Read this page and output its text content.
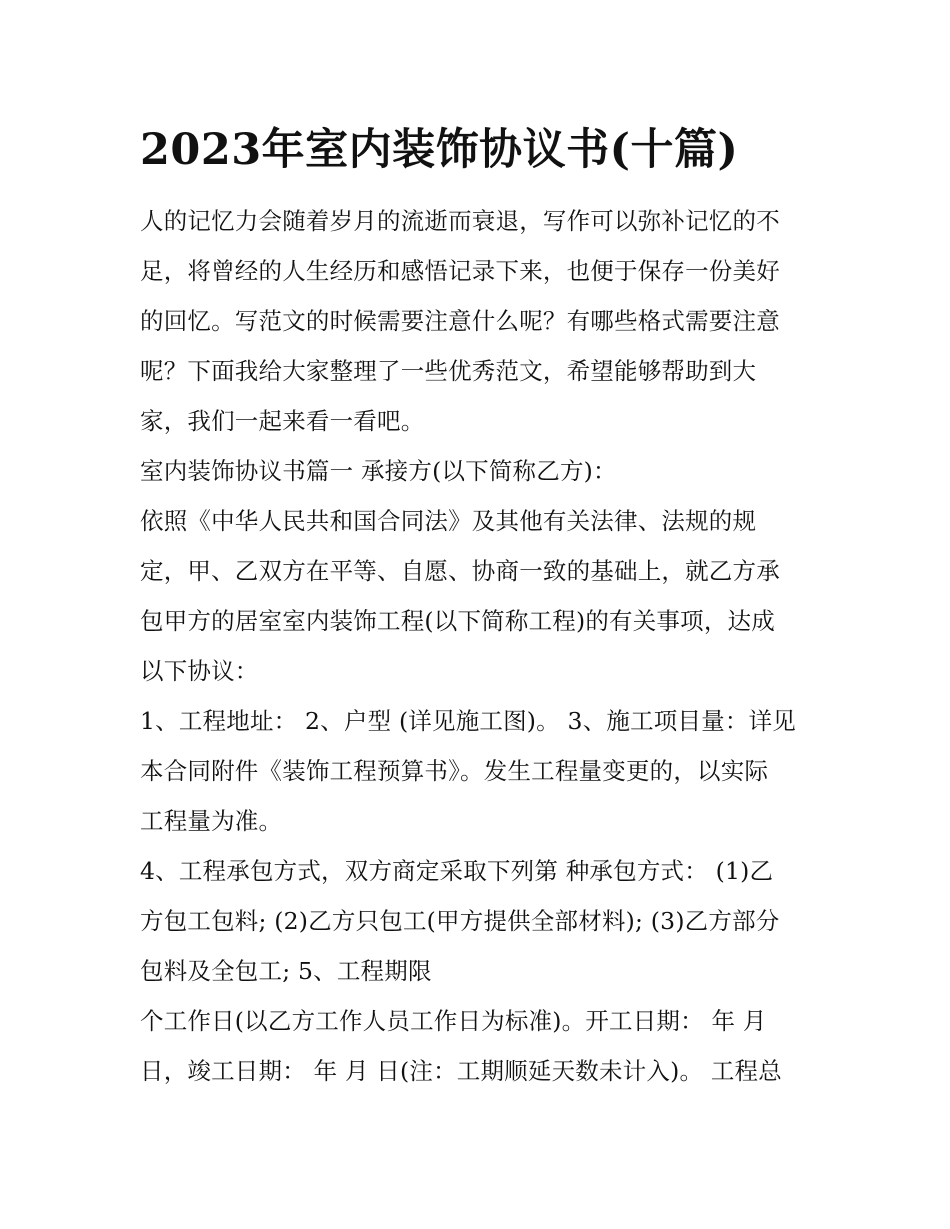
2023年室内装饰协议书(十篇)

人的记忆力会随着岁月的流逝而衰退，写作可以弥补记忆的不
足，将曾经的人生经历和感悟记录下来，也便于保存一份美好
的回忆。写范文的时候需要注意什么呢？有哪些格式需要注意
呢？下面我给大家整理了一些优秀范文，希望能够帮助到大
家，我们一起来看一看吧。

室内装饰协议书篇一 承接方(以下简称乙方)：

依照《中华人民共和国合同法》及其他有关法律、法规的规
定，甲、乙双方在平等、自愿、协商一致的基础上，就乙方承
包甲方的居室室内装饰工程(以下简称工程)的有关事项，达成
以下协议：

1、工程地址： 2、户型 (详见施工图)。 3、施工项目量：详见
本合同附件《装饰工程预算书》。发生工程量变更的，以实际
工程量为准。

4、工程承包方式，双方商定采取下列第 种承包方式： (1)乙
方包工包料; (2)乙方只包工(甲方提供全部材料); (3)乙方部分
包料及全包工; 5、工程期限

个工作日(以乙方工作人员工作日为标准)。开工日期： 年 月
日，竣工日期： 年 月 日(注：工期顺延天数未计入)。 工程总
